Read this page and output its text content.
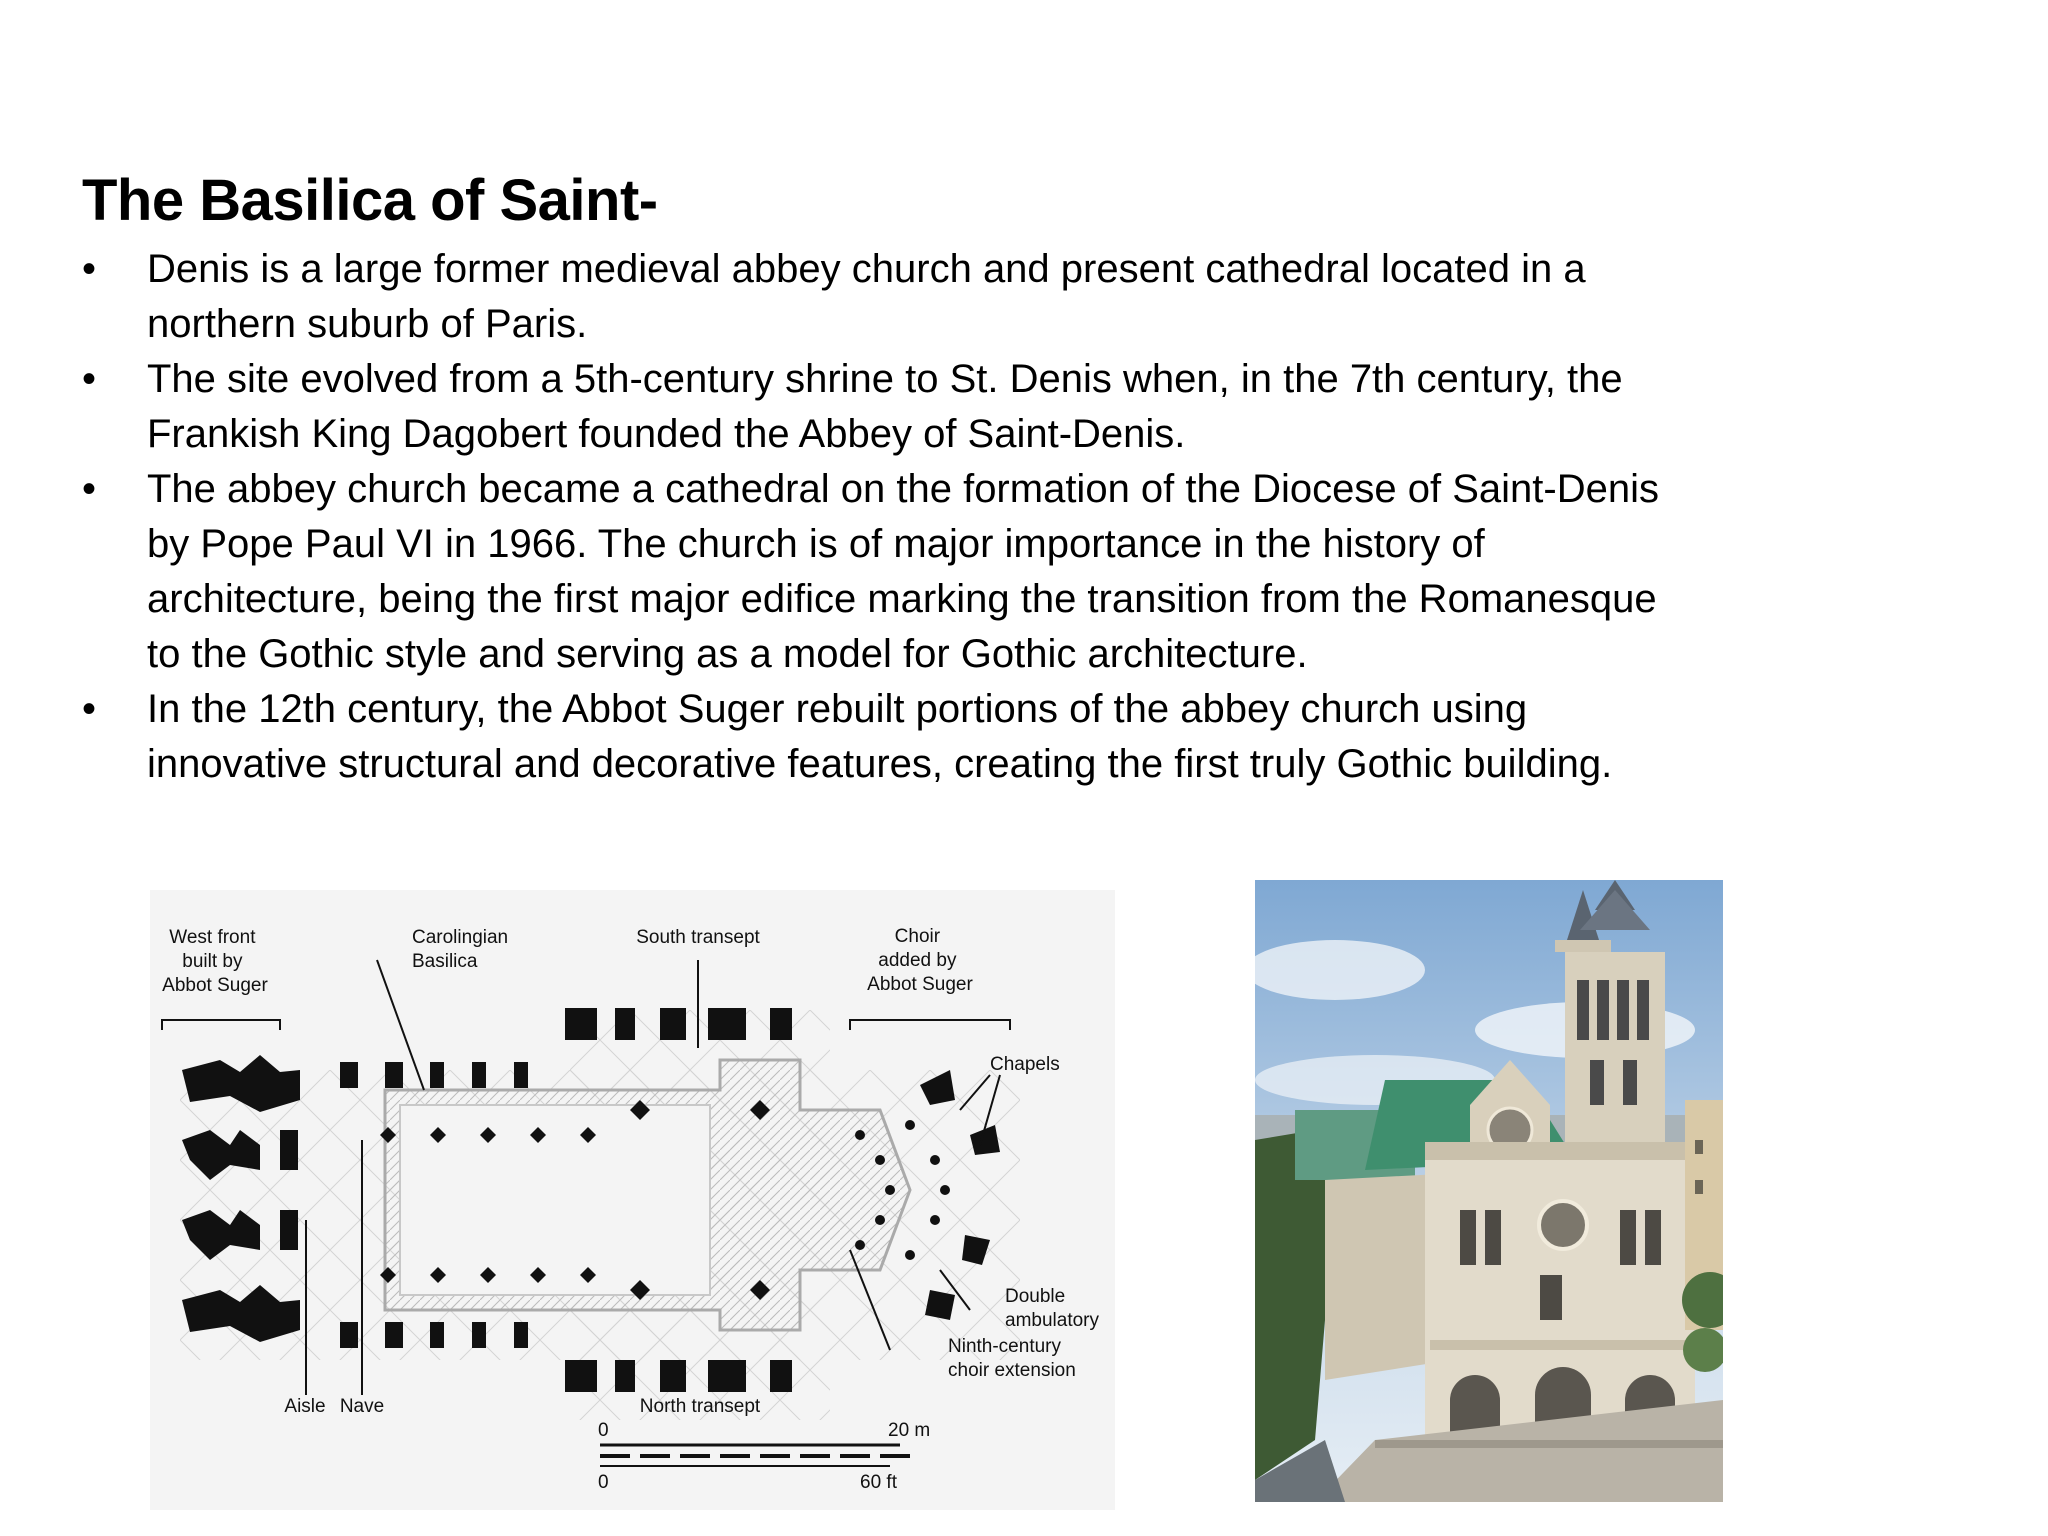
The Basilica of Saint-
• Denis is a large former medieval abbey church and present cathedral located in a northern suburb of Paris.
• The site evolved from a 5th-century shrine to St. Denis when, in the 7th century, the Frankish King Dagobert founded the Abbey of Saint-Denis.
• The abbey church became a cathedral on the formation of the Diocese of Saint-Denis by Pope Paul VI in 1966. The church is of major importance in the history of architecture, being the first major edifice marking the transition from the Romanesque to the Gothic style and serving as a model for Gothic architecture.
• In the 12th century, the Abbot Suger rebuilt portions of the abbey church using innovative structural and decorative features, creating the first truly Gothic building.
West front built by Abbot Suger
Carolingian Basilica
South transept	Choir added by Abbot Suger
Chapels
Double ambulatory
Ninth-century choir extension
Aisle Nave	North transept
0	20 m
0	60 ft
